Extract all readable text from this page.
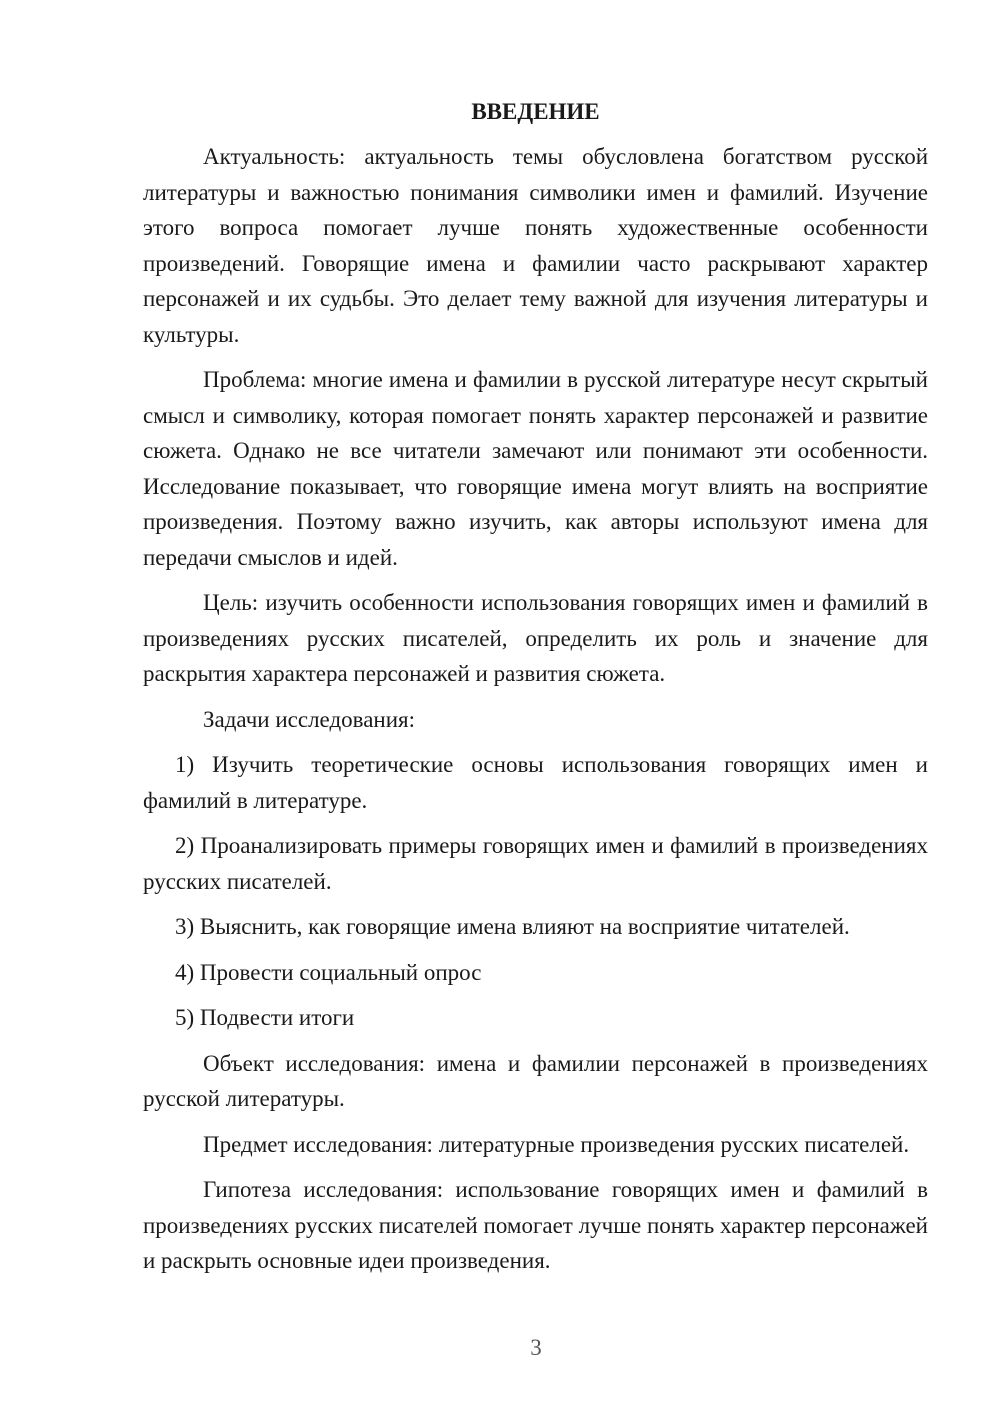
ВВЕДЕНИЕ

Актуальность: актуальность темы обусловлена богатством русской литературы и важностью понимания символики имен и фамилий. Изучение этого вопроса помогает лучше понять художественные особенности произведений. Говорящие имена и фамилии часто раскрывают характер персонажей и их судьбы. Это делает тему важной для изучения литературы и культуры.

Проблема: многие имена и фамилии в русской литературе несут скрытый смысл и символику, которая помогает понять характер персонажей и развитие сюжета. Однако не все читатели замечают или понимают эти особенности. Исследование показывает, что говорящие имена могут влиять на восприятие произведения. Поэтому важно изучить, как авторы используют имена для передачи смыслов и идей.

Цель: изучить особенности использования говорящих имен и фамилий в произведениях русских писателей, определить их роль и значение для раскрытия характера персонажей и развития сюжета.

Задачи исследования:

1) Изучить теоретические основы использования говорящих имен и фамилий в литературе.

2) Проанализировать примеры говорящих имен и фамилий в произведениях русских писателей.

3) Выяснить, как говорящие имена влияют на восприятие читателей.

4) Провести социальный опрос

5) Подвести итоги

Объект исследования: имена и фамилии персонажей в произведениях русской литературы.

Предмет исследования: литературные произведения русских писателей.

Гипотеза исследования: использование говорящих имен и фамилий в произведениях русских писателей помогает лучше понять характер персонажей и раскрыть основные идеи произведения.

3
